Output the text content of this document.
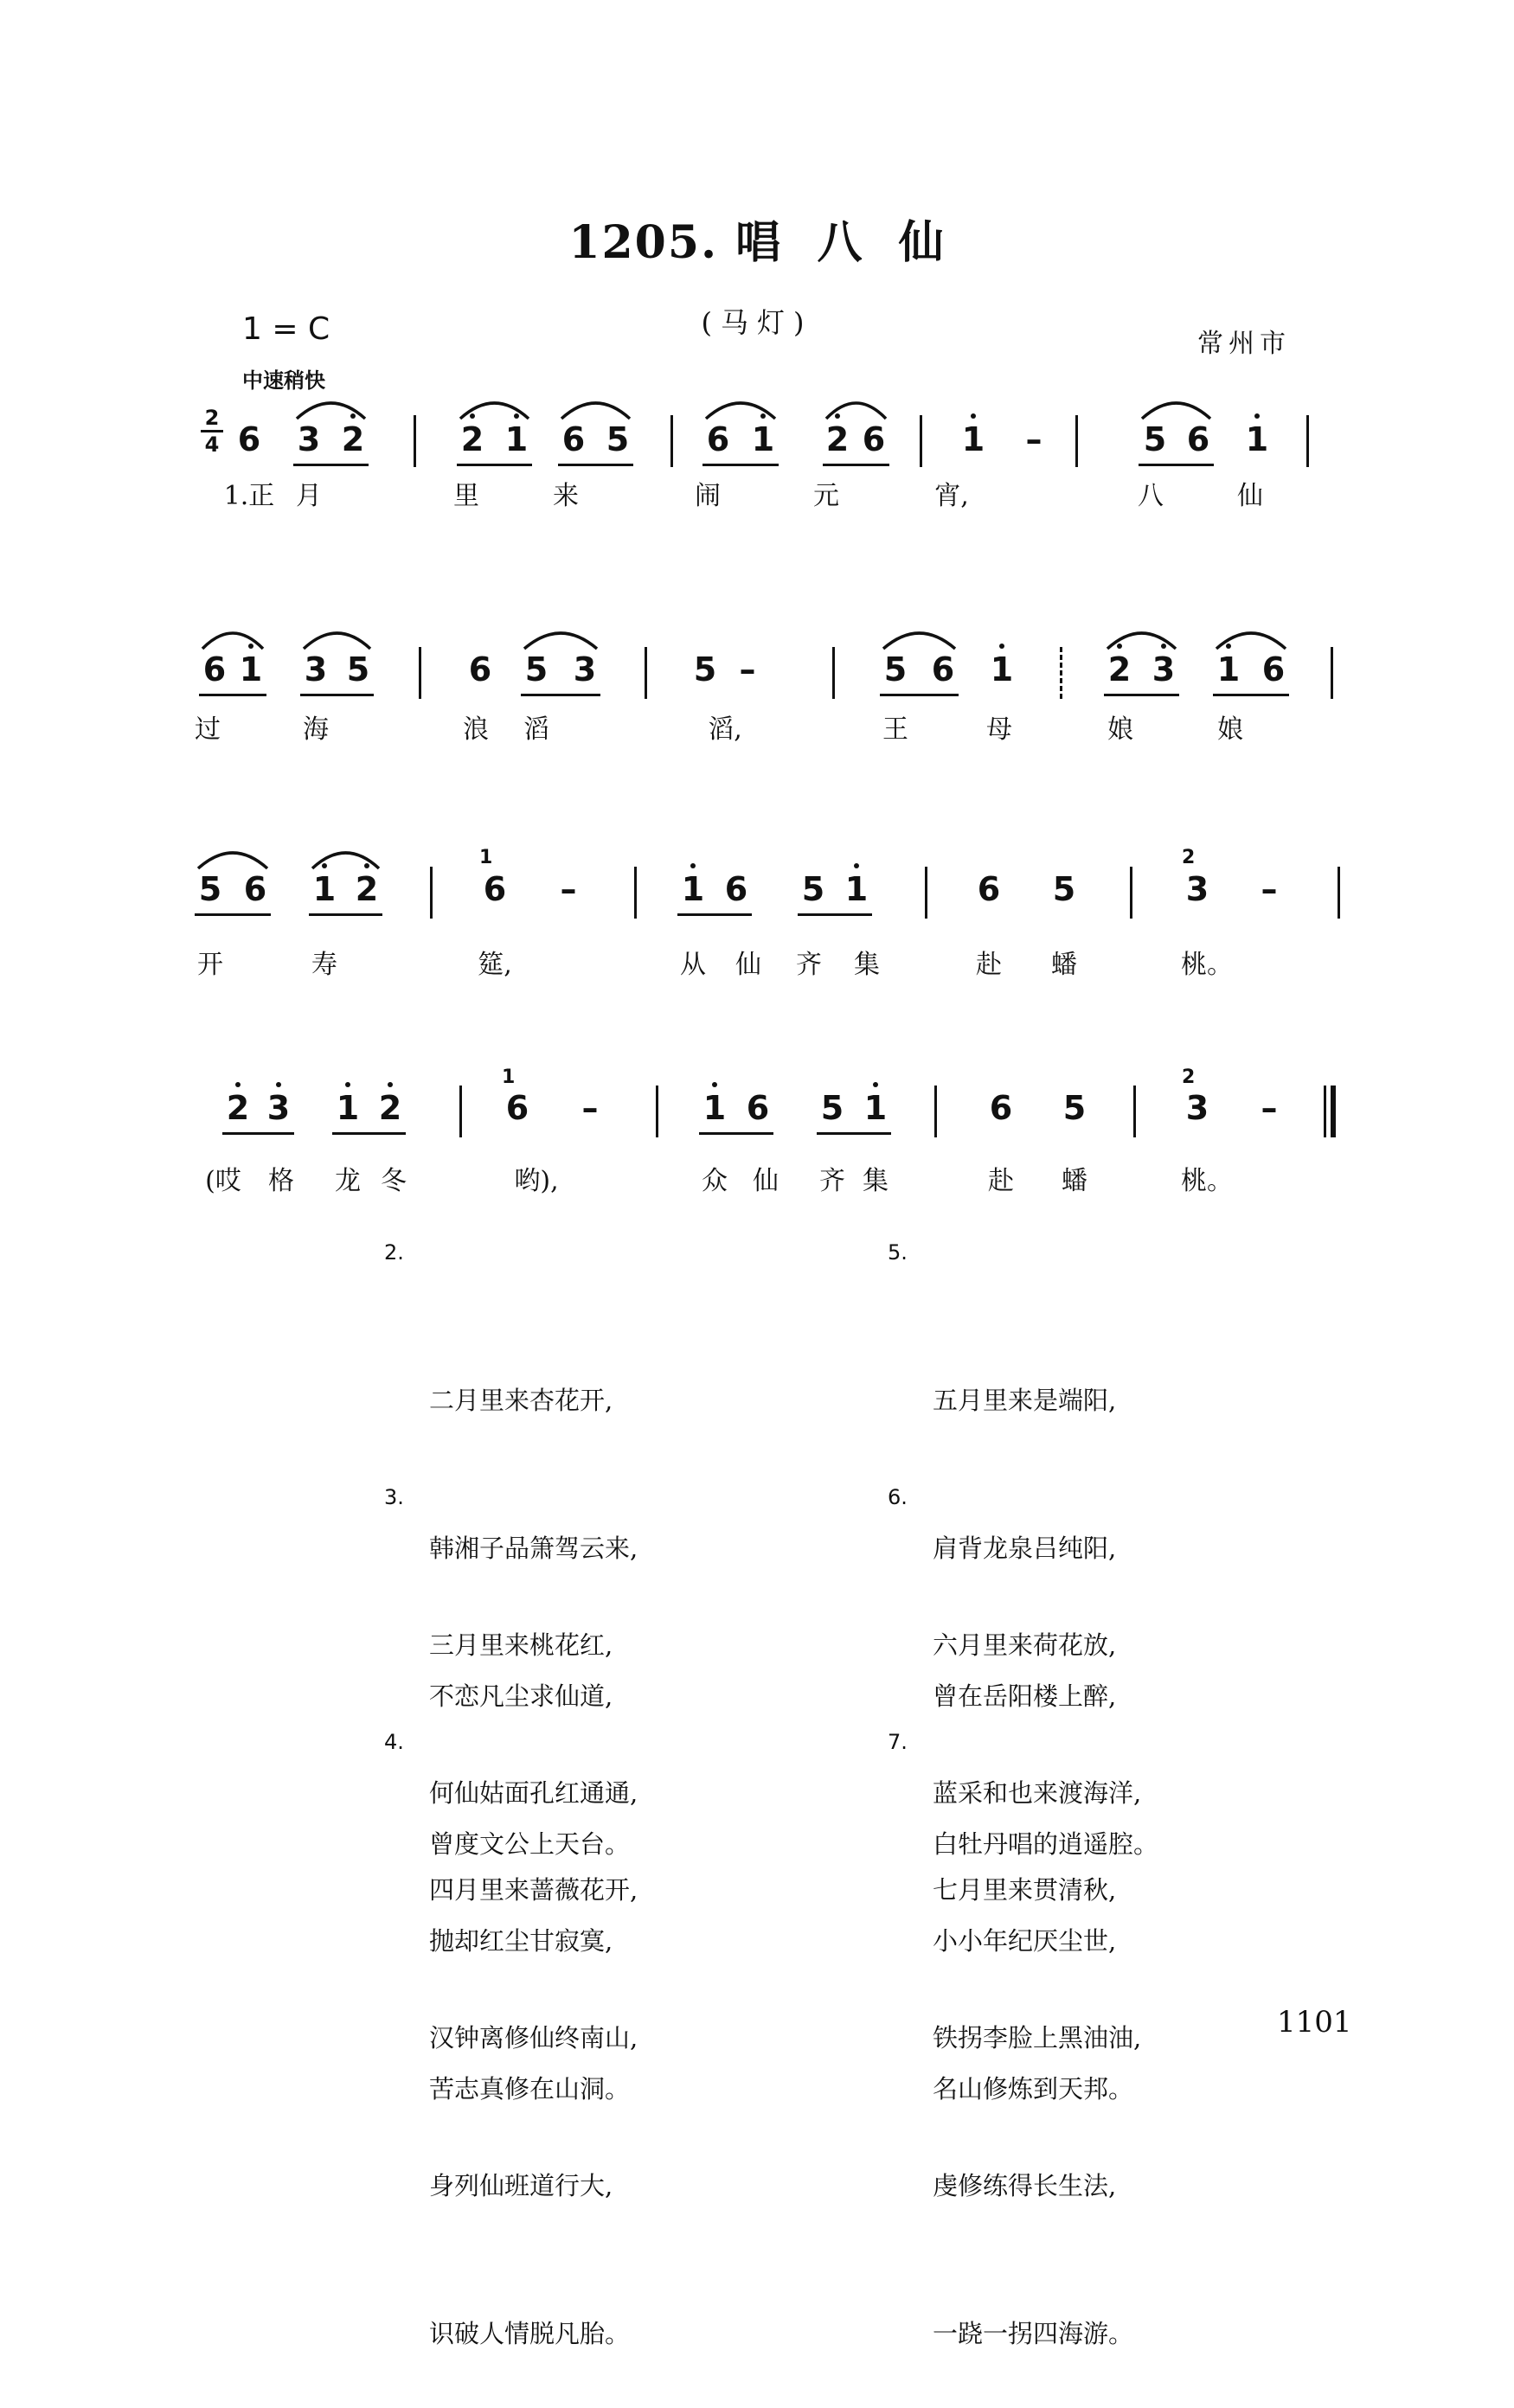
1205. 唱  八  仙
(马灯)
1 = C
中速稍快
常州市
2
4 6 3 2	2 1 6 5 6 1 2 6 1 –	5 6 1
1.正 月	里	来	闹	元	宵,	八	仙
6 1 3 5	6 5 3	5 –	5 6 1	2 3 1 6
过	海	浪	滔	滔,	王	母	娘	娘
5 6 1 2	6 –	1 6 5 1	6 5	3 –
1	2
开	寿	筵,	从	仙	齐	集	赴	蟠	桃。
2 3 1 2	6 –	1 6 5 1	6 5	3 –
1	2
(哎	格	龙 冬	哟),	众 仙	齐 集	赴	蟠	桃。

2.

二月里来杏花开,

韩湘子品箫驾云来,

不恋凡尘求仙道,

曾度文公上天台。

3.

三月里来桃花红,

何仙姑面孔红通通,

抛却红尘甘寂寞,

苦志真修在山洞。

4.

四月里来蔷薇花开,

汉钟离修仙终南山,

身列仙班道行大,

识破人情脱凡胎。

5.

五月里来是端阳,

肩背龙泉吕纯阳,

曾在岳阳楼上醉,

白牡丹唱的逍遥腔。

6.

六月里来荷花放,

蓝采和也来渡海洋,

小小年纪厌尘世,

名山修炼到天邦。

7.

七月里来贯清秋,

铁拐李脸上黑油油,

虔修练得长生法,

一跷一拐四海游。

1101
